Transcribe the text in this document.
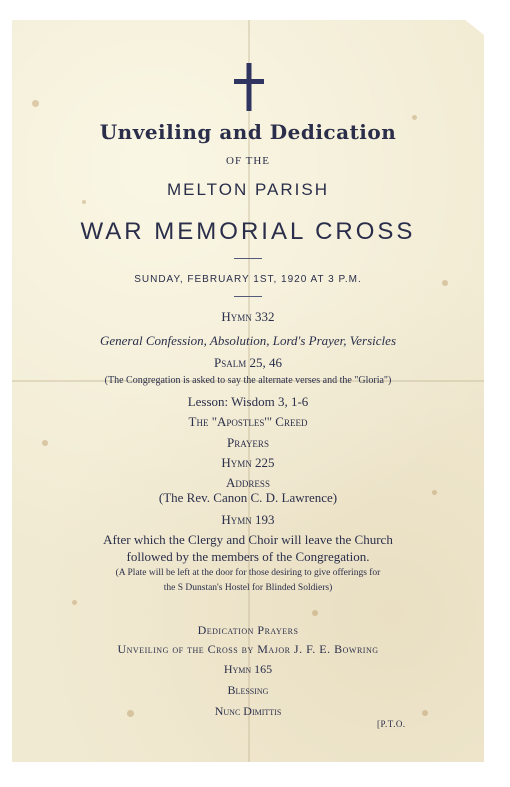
Unveiling and Dedication
OF THE
MELTON PARISH
WAR MEMORIAL CROSS
SUNDAY, FEBRUARY 1ST, 1920 AT 3 P.M.
Hymn 332
General Confession, Absolution, Lord's Prayer, Versicles
Psalm 25, 46
(The Congregation is asked to say the alternate verses and the "Gloria")
Lesson: Wisdom 3, 1-6
The "Apostles'" Creed
Prayers
Hymn 225
Address
(The Rev. Canon C. D. Lawrence)
Hymn 193
After which the Clergy and Choir will leave the Church
followed by the members of the Congregation.
(A Plate will be left at the door for those desiring to give offerings for
the S Dunstan's Hostel for Blinded Soldiers)
Dedication Prayers
Unveiling of the Cross by Major J. F. E. Bowring
Hymn 165
Blessing
Nunc Dimittis
[P.T.O.
